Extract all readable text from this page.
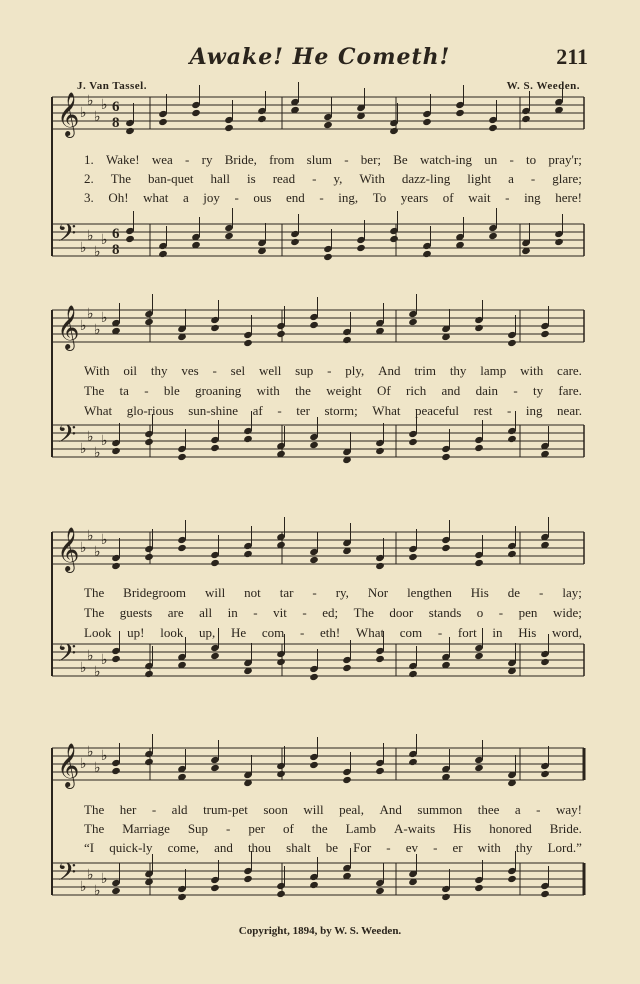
Awake! He Cometh!	211
J. Van Tassel.	W. S. Weeden.
1. Wake! wea - ry Bride, from slum - ber; Be watch-ing un - to pray'r;
2. The ban-quet hall is read - y, With dazz-ling light a - glare;
3. Oh! what a joy - ous end - ing, To years of wait - ing here!
With oil thy ves - sel well sup - ply, And trim thy lamp with care.
The ta - ble groaning with the weight Of rich and dain - ty fare.
What glo-rious sun-shine af - ter storm; What peaceful rest - ing near.
The Bridegroom will not tar - ry, Nor lengthen His de - lay;
The guests are all in - vit - ed; The door stands o - pen wide;
Look up! look up, He com - eth! What com - fort in His word,
The her - ald trum-pet soon will peal, And summon thee a - way!
The Marriage Sup - per of the Lamb A-waits His honored Bride.
“I quick-ly come, and thou shalt be For - ev - er with thy Lord.”
𝄞 ♭
♭
♭
♭ 6
8
𝄢 ♭
♭
♭
♭ 6
8
𝄞 ♭
♭
♭
♭
𝄢 ♭
♭
♭
♭
𝄞 ♭
♭
♭
♭
𝄢 ♭
♭
♭
♭
𝄞 ♭
♭
♭
♭
𝄢 ♭
♭
♭
♭
Copyright, 1894, by W. S. Weeden.
